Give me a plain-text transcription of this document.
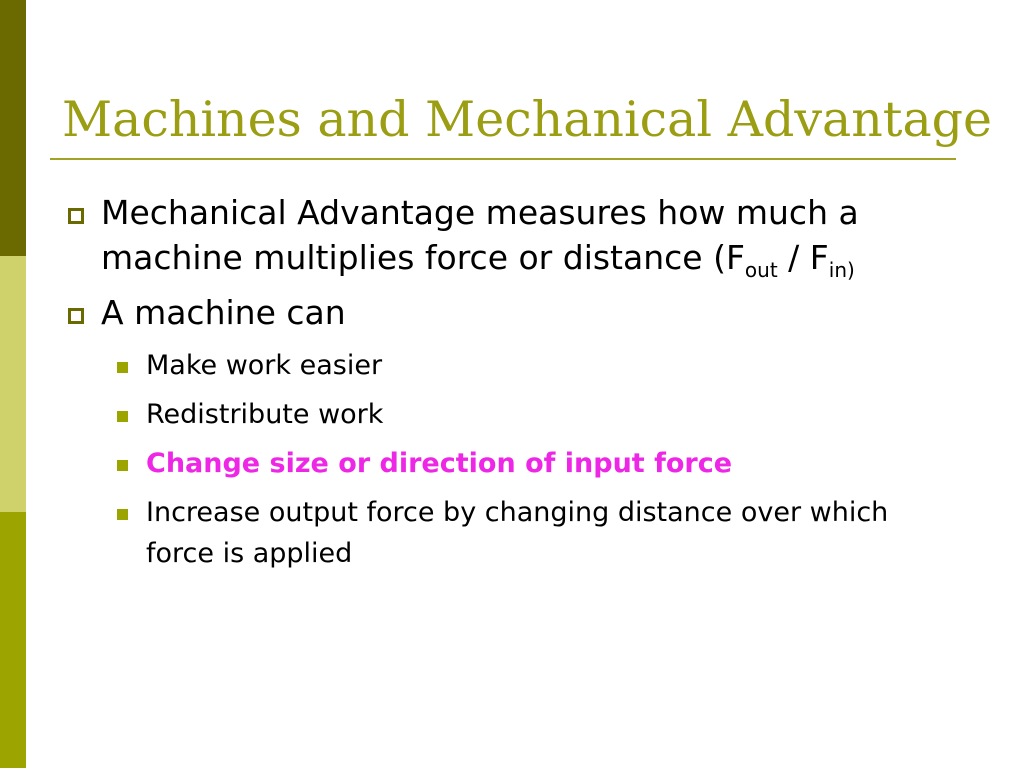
Machines and Mechanical Advantage
Mechanical Advantage measures how much a machine multiplies force or distance ($F_{out} / F_{in)}$
A machine can
Make work easier
Redistribute work
Change size or direction of input force
Increase output force by changing distance over which force is applied
